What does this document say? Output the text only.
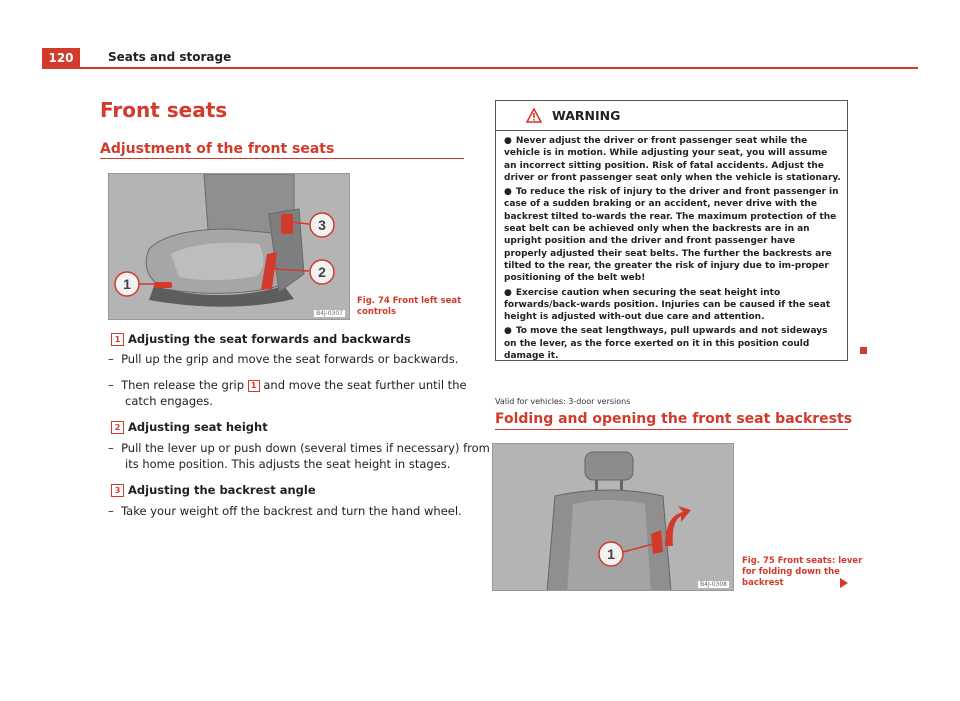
120	Seats and storage
Front seats
Adjustment of the front seats
3
2
1
B4J-0307
Fig. 74 Front left seat
controls
1 Adjusting the seat forwards and backwards
–  Pull up the grip and move the seat forwards or backwards.
–  Then release the grip 1 and move the seat further until the
catch engages.
2 Adjusting seat height
–  Pull the lever up or push down (several times if necessary) from
its home position. This adjusts the seat height in stages.
3 Adjusting the backrest angle
–  Take your weight off the backrest and turn the hand wheel.
WARNING
● Never adjust the driver or front passenger seat while the vehicle is in motion. While adjusting your seat, you will assume an incorrect sitting position. Risk of fatal accidents. Adjust the driver or front passenger seat only when the vehicle is stationary.
● To reduce the risk of injury to the driver and front passenger in case of a sudden braking or an accident, never drive with the backrest tilted to-wards the rear. The maximum protection of the seat belt can be achieved only when the backrests are in an upright position and the driver and front passenger have properly adjusted their seat belts. The further the backrests are tilted to the rear, the greater the risk of injury due to im-proper positioning of the belt web!
● Exercise caution when securing the seat height into forwards/back-wards position. Injuries can be caused if the seat height is adjusted with-out due care and attention.
● To move the seat lengthways, pull upwards and not sideways on the lever, as the force exerted on it in this position could damage it.
Valid for vehicles: 3-door versions
Folding and opening the front seat backrests
1
B4J-0308
Fig. 75 Front seats: lever
for folding down the
backrest
